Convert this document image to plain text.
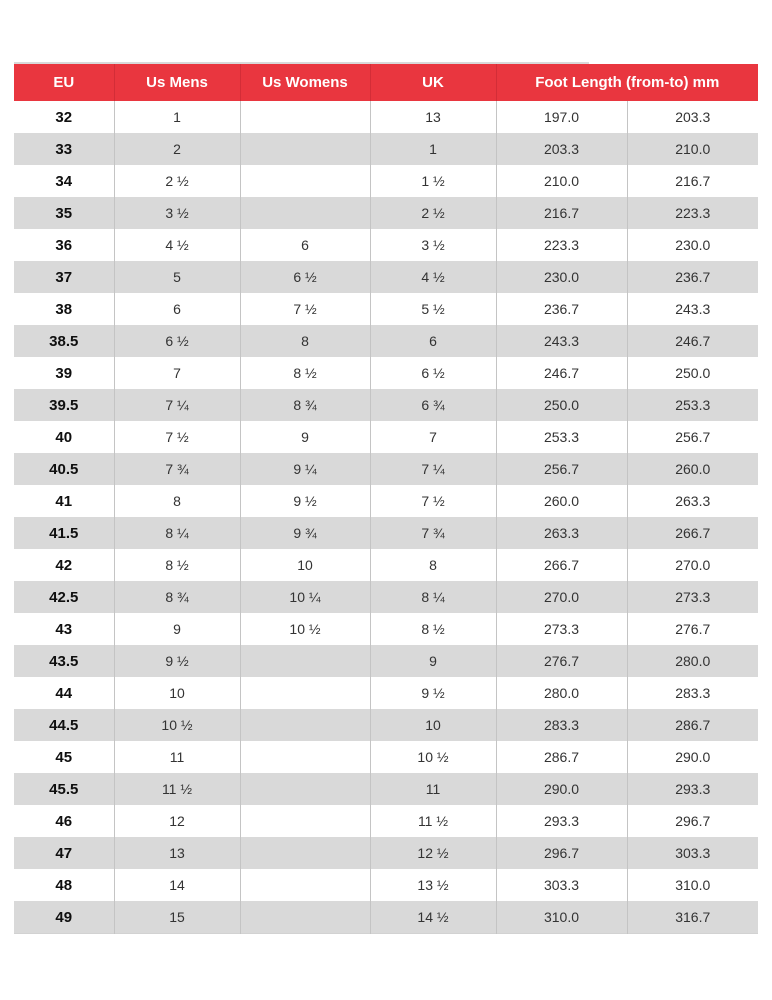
EU	Us Mens	Us Womens	UK	Foot Length (from-to) mm	
32	1		13	197.0	203.3
33	2		1	203.3	210.0
34	2 ½		1 ½	210.0	216.7
35	3 ½		2 ½	216.7	223.3
36	4 ½	6	3 ½	223.3	230.0
37	5	6 ½	4 ½	230.0	236.7
38	6	7 ½	5 ½	236.7	243.3
38.5	6 ½	8	6	243.3	246.7
39	7	8 ½	6 ½	246.7	250.0
39.5	7 ¼	8 ¾	6 ¾	250.0	253.3
40	7 ½	9	7	253.3	256.7
40.5	7 ¾	9 ¼	7 ¼	256.7	260.0
41	8	9 ½	7 ½	260.0	263.3
41.5	8 ¼	9 ¾	7 ¾	263.3	266.7
42	8 ½	10	8	266.7	270.0
42.5	8 ¾	10 ¼	8 ¼	270.0	273.3
43	9	10 ½	8 ½	273.3	276.7
43.5	9 ½		9	276.7	280.0
44	10		9 ½	280.0	283.3
44.5	10 ½		10	283.3	286.7
45	11		10 ½	286.7	290.0
45.5	11 ½		11	290.0	293.3
46	12		11 ½	293.3	296.7
47	13		12 ½	296.7	303.3
48	14		13 ½	303.3	310.0
49	15		14 ½	310.0	316.7
